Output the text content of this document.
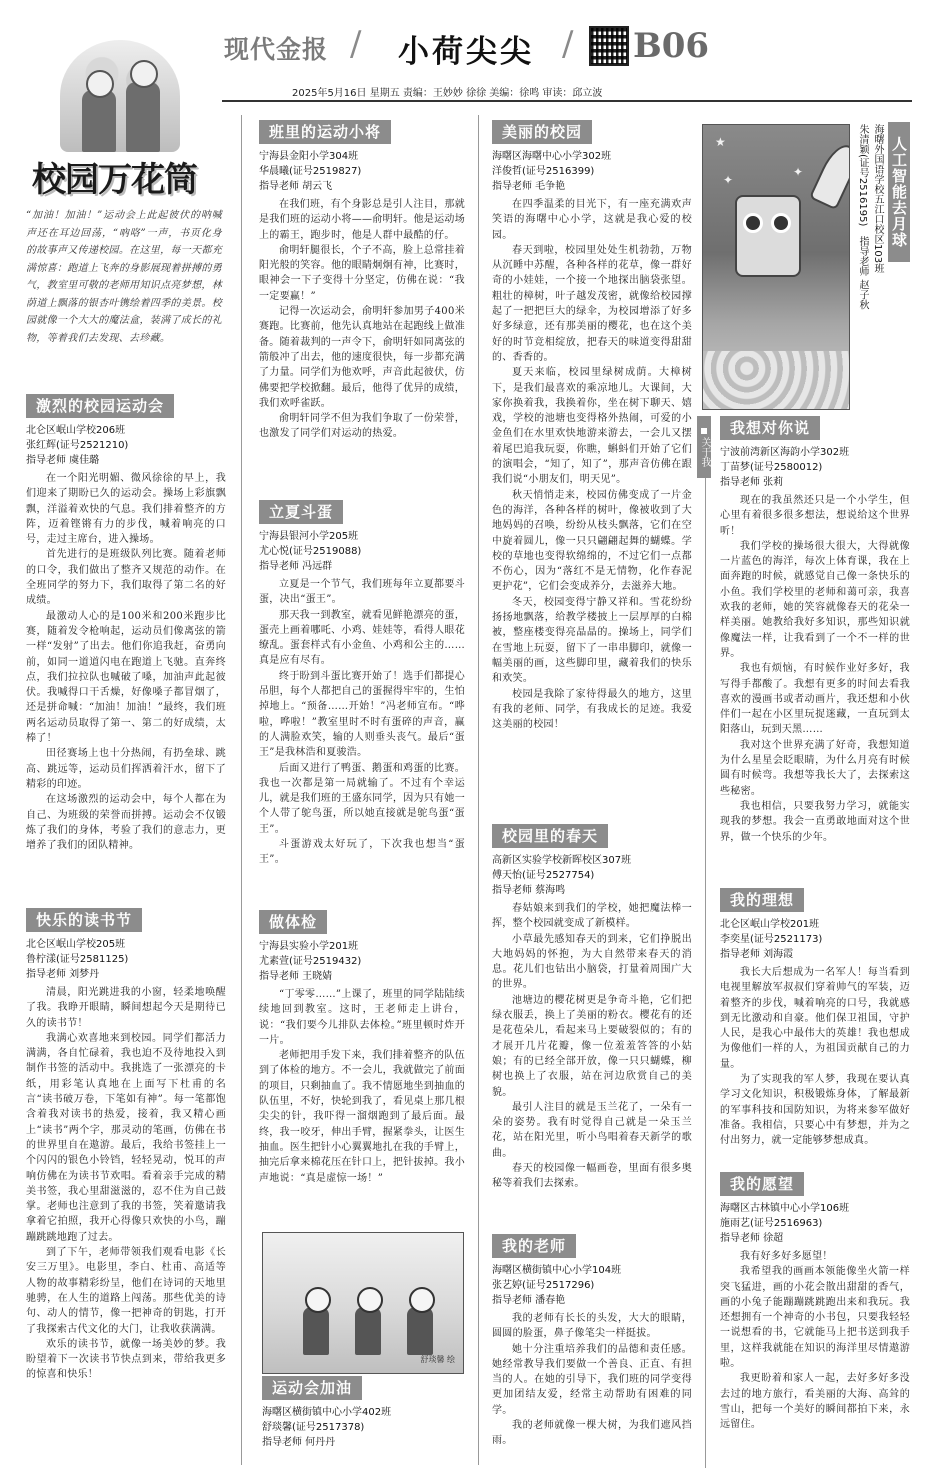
现代金报 / 小荷尖尖 / B06
2025年5月16日 星期五 责编：王妙妙 徐徐 美编：徐鸣 审读：邱立波
校园万花筒
“加油！加油！”运动会上此起彼伏的呐喊声还在耳边回荡，“吶咯”一声，书页化身的故事声又传递校园。在这里，每一天都充满惊喜：跑道上飞奔的身影展现着拼搏的勇气，教室里可敬的老师用知识点亮梦想，林荫道上飘落的银杏叶镌绘着四季的美景。校园就像一个大大的魔法盒，装满了成长的礼物，等着我们去发现、去珍藏。
激烈的校园运动会
北仑区岷山学校206班
张红辉(证号2521210)
指导老师 虞佳璐

在一个阳光明媚、微风徐徐的早上，我们迎来了期盼已久的运动会。操场上彩旗飘飘，洋溢着欢快的气息。我们排着整齐的方阵，迈着铿锵有力的步伐，喊着响亮的口号，走过主席台，进入操场。

首先进行的是班级队列比赛。随着老师的口令，我们做出了整齐又规范的动作。在全班同学的努力下，我们取得了第二名的好成绩。

最激动人心的是100米和200米跑步比赛，随着发令枪响起，运动员们像离弦的箭一样“发射”了出去。他们你追我赶，奋勇向前，如同一道道闪电在跑道上飞驰。直奔终点，我们拉拉队也喊破了嗓，加油声此起彼伏。我喊得口干舌燥，好像嗓子都冒烟了，还是拼命喊：“加油！加油！”最终，我们班两名运动员取得了第一、第二的好成绩，太棒了！

田径赛场上也十分热闹，有扔垒球、跳高、跳远等，运动员们挥洒着汗水，留下了精彩的印迹。

在这场激烈的运动会中，每个人都在为自己、为班级的荣誉而拼搏。运动会不仅锻炼了我们的身体，考验了我们的意志力，更增养了我们的团队精神。

快乐的读书节
北仑区岷山学校205班
鲁柠漾(证号2581125)
指导老师 刘梦丹

清晨，阳光跳进我的小窗，轻柔地唤醒了我。我睁开眼睛，瞬间想起今天是期待已久的读书节！

我满心欢喜地来到校园。同学们都活力满满，各自忙碌着，我也迫不及待地投入到制作书签的活动中。我挑选了一张漂亮的卡纸，用彩笔认真地在上面写下杜甫的名言“读书破万卷，下笔如有神”。每一笔都饱含着我对读书的热爱，接着，我又精心画上“读书”两个字，那灵动的笔画，仿佛在书的世界里自在遨游。最后，我给书签挂上一个闪闪的银色小铃铛，轻轻晃动，悦耳的声响仿佛在为读书节欢唱。看着亲手完成的精美书签，我心里甜滋滋的，忍不住为自己鼓掌。老师也注意到了我的书签，笑着邀请我拿着它拍照，我开心得像只欢快的小鸟，蹦蹦跳跳地跑了过去。

到了下午，老师带领我们观看电影《长安三万里》。电影里，李白、杜甫、高适等人物的故事精彩纷呈，他们在诗词的天地里驰骋，在人生的道路上闯荡。那些优美的诗句、动人的情节，像一把神奇的钥匙，打开了我探索古代文化的大门，让我收获满满。

欢乐的读书节，就像一场美妙的梦。我盼望着下一次读书节快点到来，带给我更多的惊喜和快乐！

班里的运动小将
宁海县金阳小学304班
华晨曦(证号2519827)
指导老师 胡云飞

在我们班，有个身影总是引人注目，那就是我们班的运动小将——俞明轩。他是运动场上的霸王，跑步时，他是人群中最酷的仔。

俞明轩腿很长，个子不高，脸上总常挂着阳光般的笑容。他的眼睛炯炯有神，比赛时，眼神会一下子变得十分坚定，仿佛在说：“我一定要赢！”

记得一次运动会，俞明轩参加男子400米赛跑。比赛前，他先认真地站在起跑线上做准备。随着裁判的一声令下，俞明轩如同离弦的箭般冲了出去，他的速度很快，每一步都充满了力量。同学们为他欢呼，声音此起彼伏，仿佛要把学校掀翻。最后，他得了优异的成绩，我们欢呼雀跃。

俞明轩同学不但为我们争取了一份荣誉，也激发了同学们对运动的热爱。

立夏斗蛋
宁海县银河小学205班
尤心悦(证号2519088)
指导老师 冯远群

立夏是一个节气，我们班每年立夏都要斗蛋，决出“蛋王”。

那天我一到教室，就看见鲜艳漂亮的蛋，蛋壳上画着哪吒、小鸡、娃娃等，看得人眼花缭乱。蛋套样式有小金鱼、小鸡和公主的……真是应有尽有。

终于盼到斗蛋比赛开始了！选手们都提心吊胆，每个人都把自己的蛋握得牢牢的，生怕掉地上。“预备……开始！”冯老师宣布。“哗啦，哗啦！”教室里时不时有蛋碎的声音，赢的人满脸欢笑，输的人则垂头丧气。最后“蛋王”是我林浩和夏骏浩。

后面又进行了鸭蛋、鹅蛋和鸡蛋的比赛。我也一次都是第一局就输了。不过有个幸运儿，就是我们班的王盛东同学，因为只有她一个人带了鸵鸟蛋，所以她直接就是鸵鸟蛋“蛋王”。

斗蛋游戏太好玩了，下次我也想当“蛋王”。

做体检
宁海县实验小学201班
尤素萱(证号2519432)
指导老师 王晓婧

“丁零零……”上课了，班里的同学陆陆续续地回到教室。这时，王老师走上讲台，说：“我们要今儿排队去体检。”班里顿时炸开一片。

老师把用手发下来，我们排着整齐的队伍到了体检的地方。不一会儿，我就做完了前面的项目，只剩抽血了。我不情愿地坐到抽血的队伍里，不好，快轮到我了，看见桌上那几根尖尖的针，我吓得一溜烟跑到了最后面。最终，我一咬牙，伸出手臂，握紧拳头，让医生抽血。医生把针小心翼翼地扎在我的手臂上，抽完后拿来棉花压在针口上，把针拔掉。我小声地说：“真是虚惊一场！”

舒琰馨 绘
运动会加油
海曙区横街镇中心小学402班
舒琰馨(证号2517378)
指导老师 何丹丹
美丽的校园
海曙区海曙中心小学302班
洋俊哲(证号2516399)
指导老师 毛争艳

在四季温柔的目光下，有一座充满欢声笑语的海曙中心小学，这就是我心爱的校园。

春天到啦，校园里处处生机勃勃，万物从沉睡中苏醒，各种各样的花草，像一群好奇的小娃娃，一个接一个地探出脑袋张望。粗壮的樟树，叶子越发茂密，就像给校园撑起了一把把巨大的绿伞，为校园增添了好多好多绿意，还有那美丽的樱花，也在这个美好的时节竞相绽放，把春天的味道变得甜甜的、香香的。

夏天来临，校园里绿树成荫。大樟树下，是我们最喜欢的乘凉地儿。大课间，大家你换着我，我换着你，坐在树下聊天、嬉戏，学校的池塘也变得格外热闹，可爱的小金鱼们在水里欢快地游来游去，一会儿又摆着尾巴追我玩耍，你瞧，蝌蚪们开始了它们的演唱会，“知了，知了”，那声音仿佛在跟我们说“小朋友们，明天见”。

秋天悄悄走来，校园仿佛变成了一片金色的海洋，各种各样的树叶，像被收到了大地妈妈的召唤，纷纷从枝头飘落，它们在空中旋着圆儿，像一只只翩翩起舞的蝴蝶。学校的草地也变得软绵绵的，不过它们一点都不伤心，因为“落红不是无情物，化作春泥更护花”，它们会变成养分，去滋养大地。

冬天，校园变得宁静又祥和。雪花纷纷扬扬地飘落，给教学楼披上一层厚厚的白棉被，整座楼变得亮晶晶的。操场上，同学们在雪地上玩耍，留下了一串串脚印，就像一幅美丽的画，这些脚印里，藏着我们的快乐和欢笑。

校园是我除了家待得最久的地方，这里有我的老师、同学，有我成长的足迹。我爱这美丽的校园！

校园里的春天
高新区实验学校新晖校区307班
傅天怡(证号2527754)
指导老师 蔡海鸣

春姑娘来到我们的学校，她把魔法棒一挥，整个校园就变成了新模样。

小草最先感知春天的到来，它们挣脱出大地妈妈的怀抱，为大自然带来春天的消息。花儿们也钻出小脑袋，打量着周围广大的世界。

池塘边的樱花树更是争奇斗艳，它们把绿衣服丢，换上了美丽的粉衣。樱花有的还是花苞朵儿，看起来马上要破裂似的；有的才展开几片花瓣，像一位羞羞答答的小姑娘；有的已经全部开放，像一只只蝴蝶，柳树也换上了衣服，站在河边欣赏自己的美貌。

最引人注目的就是玉兰花了，一朵有一朵的姿势。我有时觉得自己就是一朵玉兰花，站在阳光里，听小鸟唱着春天新学的歌曲。

春天的校园像一幅画卷，里面有很多奥秘等着我们去探索。

我的老师
海曙区横街镇中心小学104班
张艺婷(证号2517296)
指导老师 潘春艳

我的老师有长长的头发，大大的眼睛，圆圆的脸蛋，鼻子像笔尖一样挺拔。

她十分注重培养我们的品德和责任感。她经常教导我们要做一个善良、正直、有担当的人。在她的引导下，我们班的同学变得更加团结友爱，经常主动帮助有困难的同学。

我的老师就像一棵大树，为我们遮风挡雨。

★
✦
✦	人工智能去月球
海曙外国语学校五江口校区103班
朱清颖(证号2516195)　指导老师 赵子秋
关于我
我想对你说
宁波前湾新区海韵小学302班
丁苗梦(证号2580012)
指导老师 张莉

现在的我虽然还只是一个小学生，但心里有着很多很多想法，想说给这个世界听！

我们学校的操场很大很大，大得就像一片蓝色的海洋，每次上体育课，我在上面奔跑的时候，就感觉自己像一条快乐的小鱼。我们学校里的老师和蔼可亲，我喜欢我的老师，她的笑容就像春天的花朵一样美丽。她教给我好多知识，那些知识就像魔法一样，让我看到了一个不一样的世界。

我也有烦恼，有时候作业好多好，我写得手都酸了。我想有更多的时间去看我喜欢的漫画书或者动画片，我还想和小伙伴们一起在小区里玩捉迷藏，一直玩到太阳落山，玩到天黑……

我对这个世界充满了好奇，我想知道为什么星星会眨眼睛，为什么月亮有时候圆有时候弯。我想等我长大了，去探索这些秘密。

我也相信，只要我努力学习，就能实现我的梦想。我会一直勇敢地面对这个世界，做一个快乐的少年。

我的理想
北仑区岷山学校201班
李奕星(证号2521173)
指导老师 刘海霞

我长大后想成为一名军人！每当看到电视里解放军叔叔们穿着帅气的军装，迈着整齐的步伐，喊着响亮的口号，我就感到无比激动和自豪。他们保卫祖国，守护人民，是我心中最伟大的英雄！我也想成为像他们一样的人，为祖国贡献自己的力量。

为了实现我的军人梦，我现在要认真学习文化知识，积极锻炼身体，了解最新的军事科技和国防知识，为将来参军做好准备。我相信，只要心中有梦想，并为之付出努力，就一定能够梦想成真。

我的愿望
海曙区古林镇中心小学106班
施雨艺(证号2516963)
指导老师 徐超

我有好多好多愿望！

我希望我的画画本领能像坐火箭一样突飞猛进，画的小花会散出甜甜的香气，画的小兔子能蹦蹦跳跳跑出来和我玩。我还想拥有一个神奇的小书包，只要我轻轻一说想看的书，它就能马上把书送到我手里，这样我就能在知识的海洋里尽情遨游啦。

我更盼着和家人一起，去好多好多没去过的地方旅行，看美丽的大海、高耸的雪山，把每一个美好的瞬间都拍下来，永远留住。
